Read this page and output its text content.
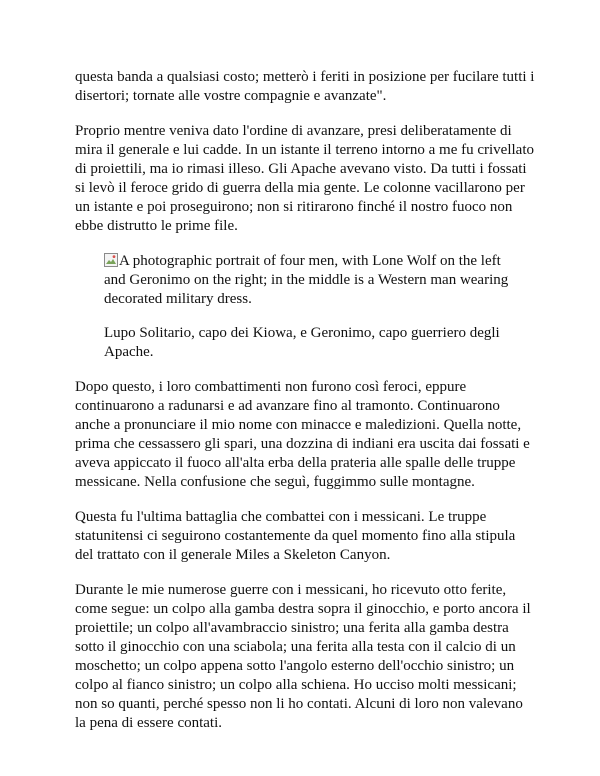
questa banda a qualsiasi costo; metterò i feriti in posizione per fucilare tutti i disertori; tornate alle vostre compagnie e avanzate".

Proprio mentre veniva dato l'ordine di avanzare, presi deliberatamente di mira il generale e lui cadde. In un istante il terreno intorno a me fu crivellato di proiettili, ma io rimasi illeso. Gli Apache avevano visto. Da tutti i fossati si levò il feroce grido di guerra della mia gente. Le colonne vacillarono per un istante e poi proseguirono; non si ritirarono finché il nostro fuoco non ebbe distrutto le prime file.

A photographic portrait of four men, with Lone Wolf on the left and Geronimo on the right; in the middle is a Western man wearing decorated military dress.

Lupo Solitario, capo dei Kiowa, e Geronimo, capo guerriero degli Apache.

Dopo questo, i loro combattimenti non furono così feroci, eppure continuarono a radunarsi e ad avanzare fino al tramonto. Continuarono anche a pronunciare il mio nome con minacce e maledizioni. Quella notte, prima che cessassero gli spari, una dozzina di indiani era uscita dai fossati e aveva appiccato il fuoco all'alta erba della prateria alle spalle delle truppe messicane. Nella confusione che seguì, fuggimmo sulle montagne.

Questa fu l'ultima battaglia che combattei con i messicani. Le truppe statunitensi ci seguirono costantemente da quel momento fino alla stipula del trattato con il generale Miles a Skeleton Canyon.

Durante le mie numerose guerre con i messicani, ho ricevuto otto ferite, come segue: un colpo alla gamba destra sopra il ginocchio, e porto ancora il proiettile; un colpo all'avambraccio sinistro; una ferita alla gamba destra sotto il ginocchio con una sciabola; una ferita alla testa con il calcio di un moschetto; un colpo appena sotto l'angolo esterno dell'occhio sinistro; un colpo al fianco sinistro; un colpo alla schiena. Ho ucciso molti messicani; non so quanti, perché spesso non li ho contati. Alcuni di loro non valevano la pena di essere contati.
